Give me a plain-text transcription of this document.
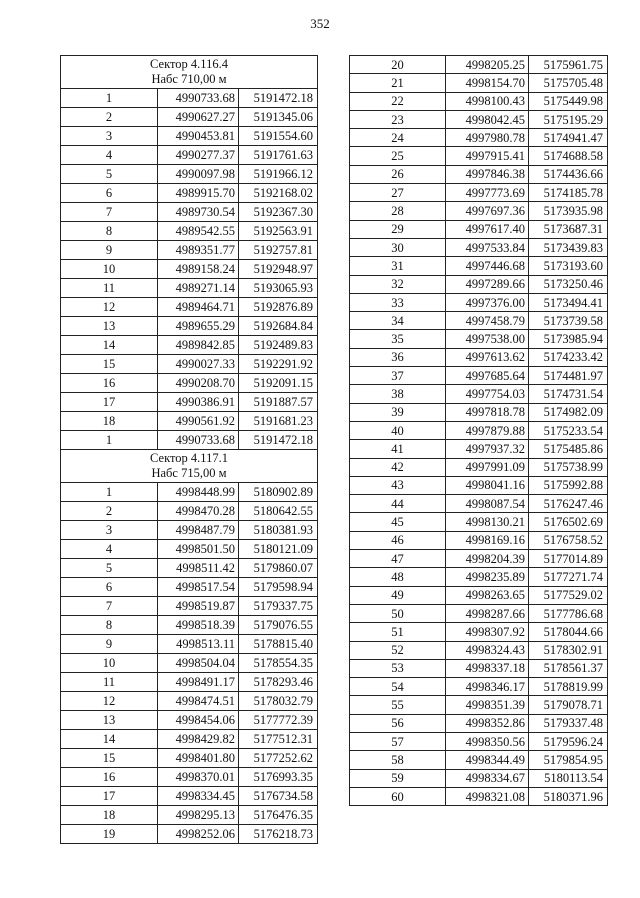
352
Сектор 4.116.4
Набс 710,00 м		

1	4990733.68	5191472.18
2	4990627.27	5191345.06
3	4990453.81	5191554.60
4	4990277.37	5191761.63
5	4990097.98	5191966.12
6	4989915.70	5192168.02
7	4989730.54	5192367.30
8	4989542.55	5192563.91
9	4989351.77	5192757.81
10	4989158.24	5192948.97
11	4989271.14	5193065.93
12	4989464.71	5192876.89
13	4989655.29	5192684.84
14	4989842.85	5192489.83
15	4990027.33	5192291.92
16	4990208.70	5192091.15
17	4990386.91	5191887.57
18	4990561.92	5191681.23
1	4990733.68	5191472.18

Сектор 4.117.1
Набс 715,00 м		

1	4998448.99	5180902.89
2	4998470.28	5180642.55
3	4998487.79	5180381.93
4	4998501.50	5180121.09
5	4998511.42	5179860.07
6	4998517.54	5179598.94
7	4998519.87	5179337.75
8	4998518.39	5179076.55
9	4998513.11	5178815.40
10	4998504.04	5178554.35
11	4998491.17	5178293.46
12	4998474.51	5178032.79
13	4998454.06	5177772.39
14	4998429.82	5177512.31
15	4998401.80	5177252.62
16	4998370.01	5176993.35
17	4998334.45	5176734.58
18	4998295.13	5176476.35
19	4998252.06	5176218.73
20	4998205.25	5175961.75
21	4998154.70	5175705.48
22	4998100.43	5175449.98
23	4998042.45	5175195.29
24	4997980.78	5174941.47
25	4997915.41	5174688.58
26	4997846.38	5174436.66
27	4997773.69	5174185.78
28	4997697.36	5173935.98
29	4997617.40	5173687.31
30	4997533.84	5173439.83
31	4997446.68	5173193.60
32	4997289.66	5173250.46
33	4997376.00	5173494.41
34	4997458.79	5173739.58
35	4997538.00	5173985.94
36	4997613.62	5174233.42
37	4997685.64	5174481.97
38	4997754.03	5174731.54
39	4997818.78	5174982.09
40	4997879.88	5175233.54
41	4997937.32	5175485.86
42	4997991.09	5175738.99
43	4998041.16	5175992.88
44	4998087.54	5176247.46
45	4998130.21	5176502.69
46	4998169.16	5176758.52
47	4998204.39	5177014.89
48	4998235.89	5177271.74
49	4998263.65	5177529.02
50	4998287.66	5177786.68
51	4998307.92	5178044.66
52	4998324.43	5178302.91
53	4998337.18	5178561.37
54	4998346.17	5178819.99
55	4998351.39	5179078.71
56	4998352.86	5179337.48
57	4998350.56	5179596.24
58	4998344.49	5179854.95
59	4998334.67	5180113.54
60	4998321.08	5180371.96
